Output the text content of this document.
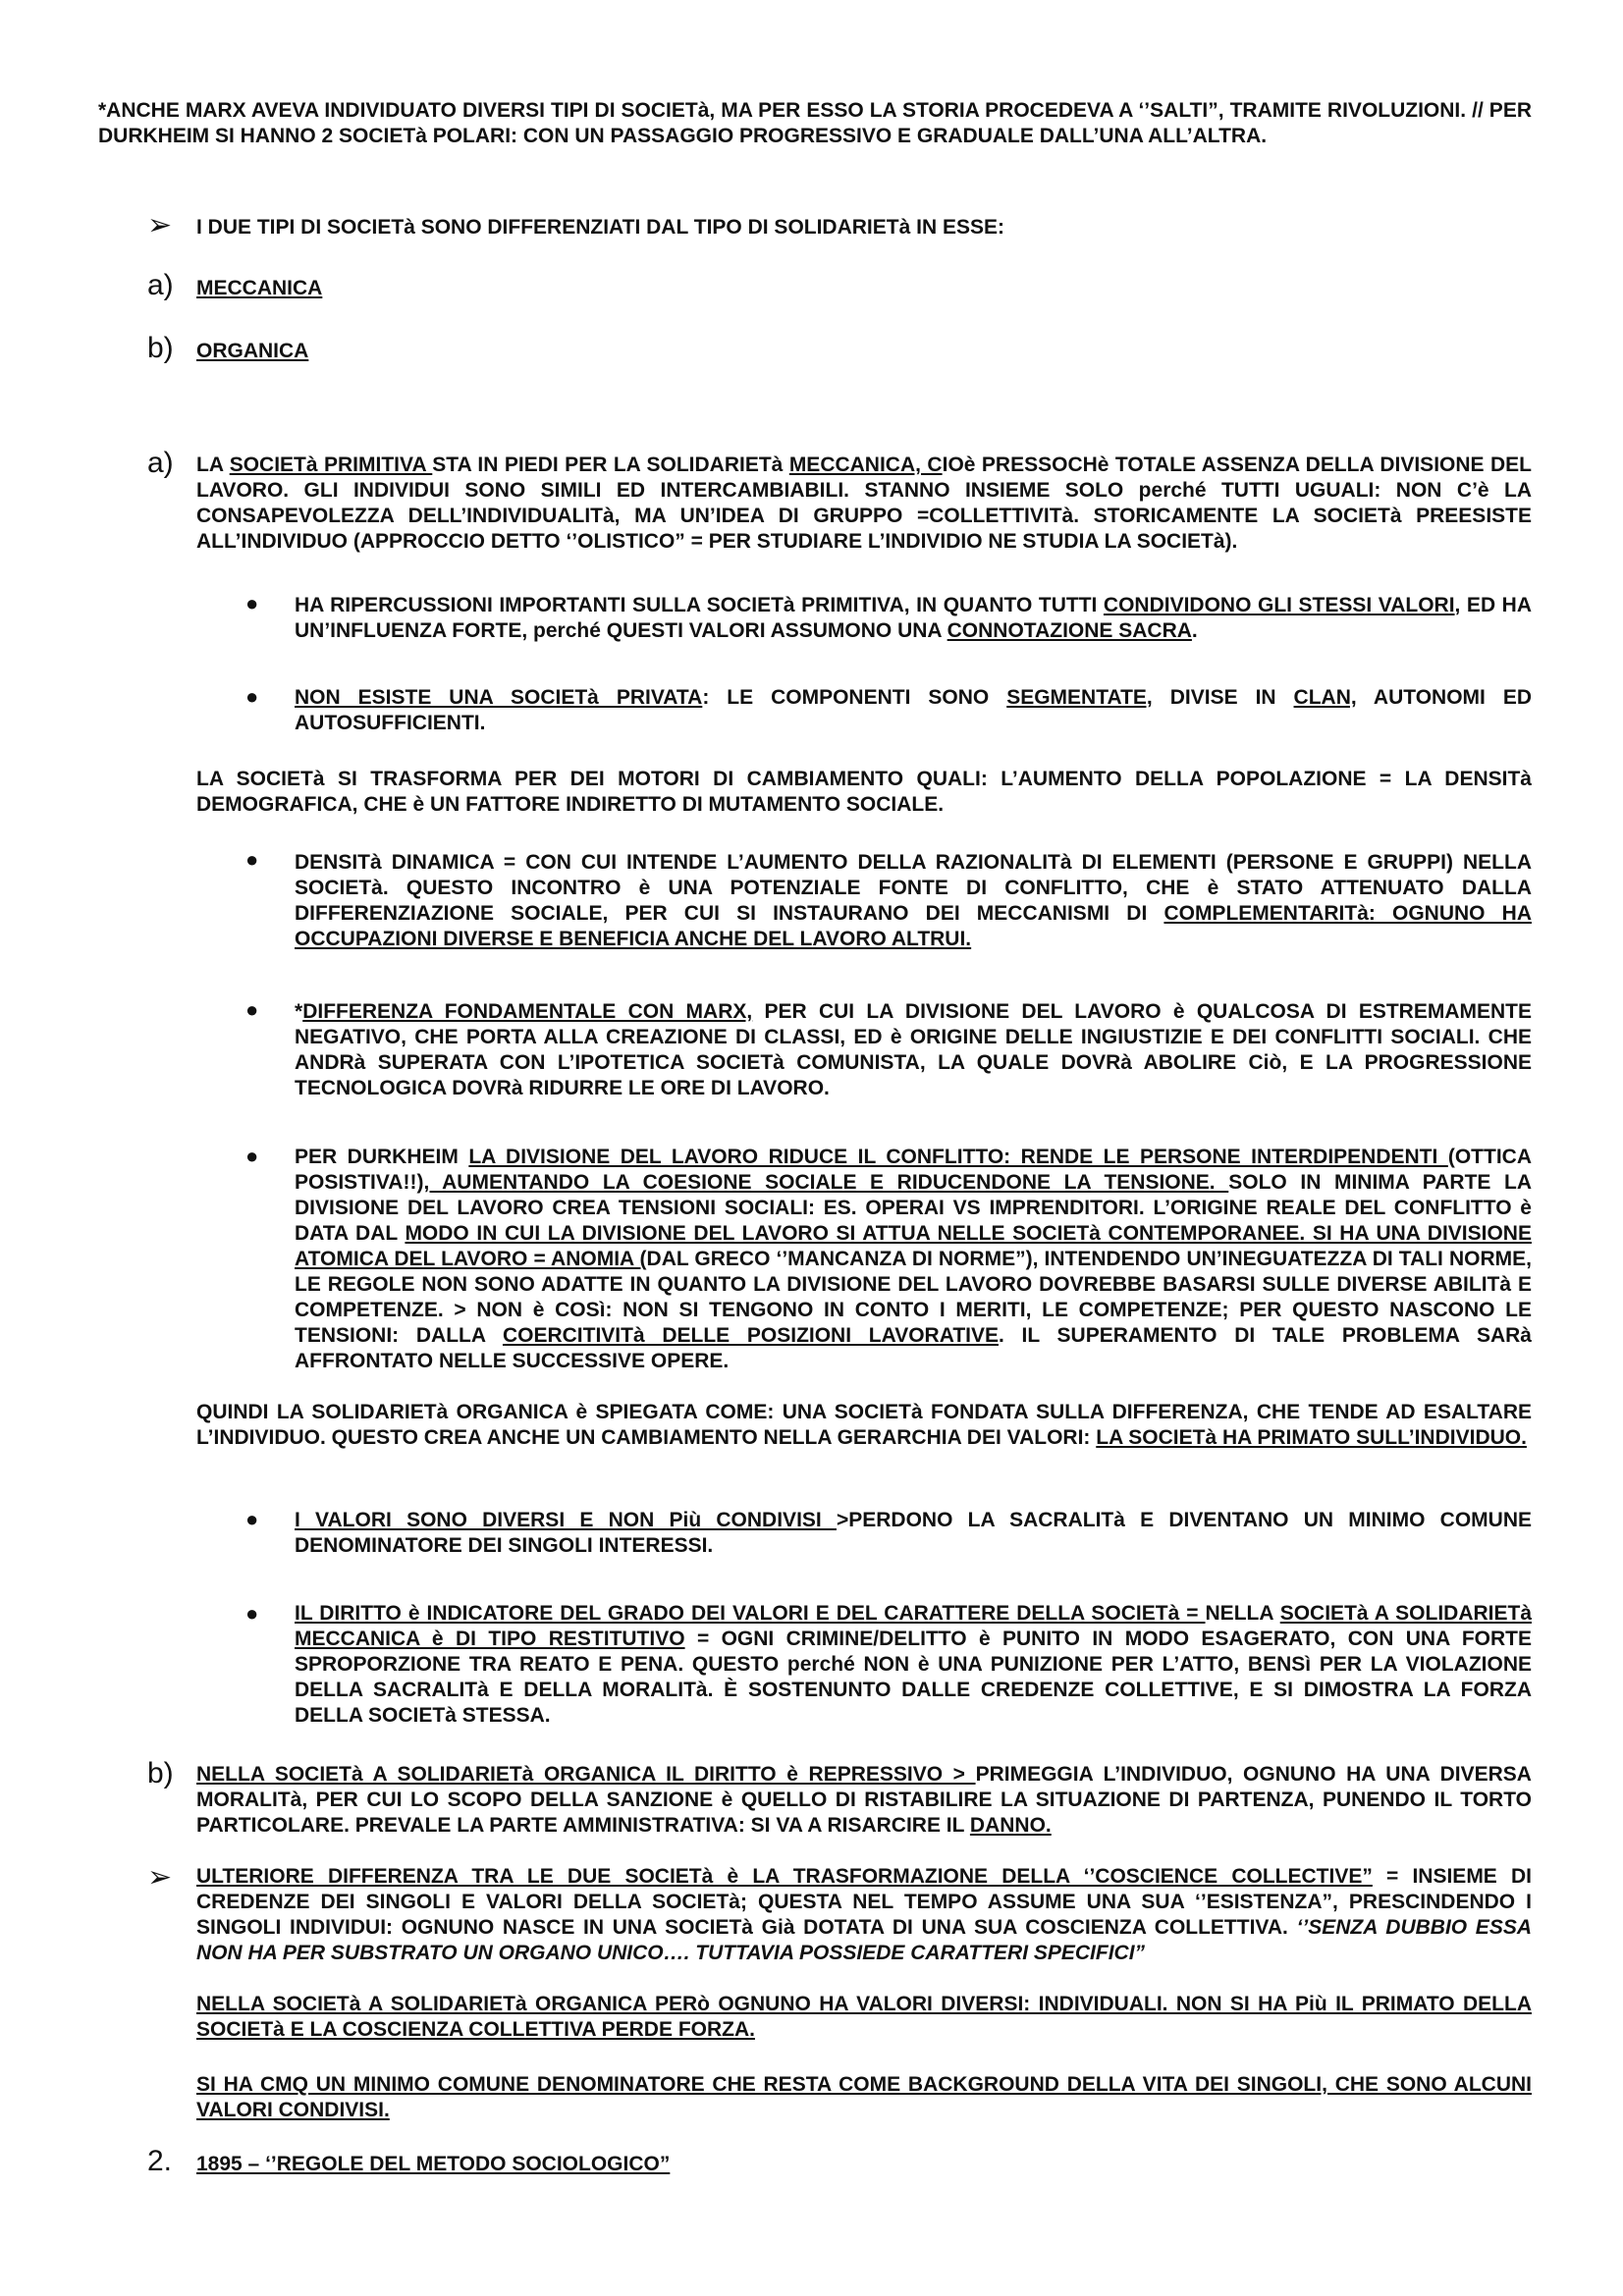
*ANCHE MARX AVEVA INDIVIDUATO DIVERSI TIPI DI SOCIETà, MA PER ESSO LA STORIA PROCEDEVA A ‘’SALTI”, TRAMITE RIVOLUZIONI. // PER DURKHEIM SI HANNO 2 SOCIETà POLARI: CON UN PASSAGGIO PROGRESSIVO E GRADUALE DALL’UNA ALL’ALTRA.
➢ I DUE TIPI DI SOCIETà SONO DIFFERENZIATI DAL TIPO DI SOLIDARIETà IN ESSE:
a) MECCANICA
b) ORGANICA
a) LA SOCIETà PRIMITIVA STA IN PIEDI PER LA SOLIDARIETà MECCANICA, CIOè PRESSOCHè TOTALE ASSENZA DELLA DIVISIONE DEL LAVORO. GLI INDIVIDUI SONO SIMILI ED INTERCAMBIABILI. STANNO INSIEME SOLO perché TUTTI UGUALI: NON C’è LA CONSAPEVOLEZZA DELL’INDIVIDUALITà, MA UN’IDEA DI GRUPPO =COLLETTIVITà. STORICAMENTE LA SOCIETà PREESISTE ALL’INDIVIDUO (APPROCCIO DETTO ‘’OLISTICO” = PER STUDIARE L’INDIVIDIO NE STUDIA LA SOCIETà).
● HA RIPERCUSSIONI IMPORTANTI SULLA SOCIETà PRIMITIVA, IN QUANTO TUTTI CONDIVIDONO GLI STESSI VALORI, ED HA UN’INFLUENZA FORTE, perché QUESTI VALORI ASSUMONO UNA CONNOTAZIONE SACRA.
● NON ESISTE UNA SOCIETà PRIVATA: LE COMPONENTI SONO SEGMENTATE, DIVISE IN CLAN, AUTONOMI ED AUTOSUFFICIENTI.
LA SOCIETà SI TRASFORMA PER DEI MOTORI DI CAMBIAMENTO QUALI: L’AUMENTO DELLA POPOLAZIONE = LA DENSITà DEMOGRAFICA, CHE è UN FATTORE INDIRETTO DI MUTAMENTO SOCIALE.
● DENSITà DINAMICA = CON CUI INTENDE L’AUMENTO DELLA RAZIONALITà DI ELEMENTI (PERSONE E GRUPPI) NELLA SOCIETà. QUESTO INCONTRO è UNA POTENZIALE FONTE DI CONFLITTO, CHE è STATO ATTENUATO DALLA DIFFERENZIAZIONE SOCIALE, PER CUI SI INSTAURANO DEI MECCANISMI DI COMPLEMENTARITà: OGNUNO HA OCCUPAZIONI DIVERSE E BENEFICIA ANCHE DEL LAVORO ALTRUI.
● *DIFFERENZA FONDAMENTALE CON MARX, PER CUI LA DIVISIONE DEL LAVORO è QUALCOSA DI ESTREMAMENTE NEGATIVO, CHE PORTA ALLA CREAZIONE DI CLASSI, ED è ORIGINE DELLE INGIUSTIZIE E DEI CONFLITTI SOCIALI. CHE ANDRà SUPERATA CON L’IPOTETICA SOCIETà COMUNISTA, LA QUALE DOVRà ABOLIRE Ciò, E LA PROGRESSIONE TECNOLOGICA DOVRà RIDURRE LE ORE DI LAVORO.
● PER DURKHEIM LA DIVISIONE DEL LAVORO RIDUCE IL CONFLITTO: RENDE LE PERSONE INTERDIPENDENTI (OTTICA POSISTIVA!!), AUMENTANDO LA COESIONE SOCIALE E RIDUCENDONE LA TENSIONE. SOLO IN MINIMA PARTE LA DIVISIONE DEL LAVORO CREA TENSIONI SOCIALI: ES. OPERAI VS IMPRENDITORI. L’ORIGINE REALE DEL CONFLITTO è DATA DAL MODO IN CUI LA DIVISIONE DEL LAVORO SI ATTUA NELLE SOCIETà CONTEMPORANEE. SI HA UNA DIVISIONE ATOMICA DEL LAVORO = ANOMIA (DAL GRECO ‘’MANCANZA DI NORME”), INTENDENDO UN’INEGUATEZZA DI TALI NORME, LE REGOLE NON SONO ADATTE IN QUANTO LA DIVISIONE DEL LAVORO DOVREBBE BASARSI SULLE DIVERSE ABILITà E COMPETENZE. > NON è COSì: NON SI TENGONO IN CONTO I MERITI, LE COMPETENZE; PER QUESTO NASCONO LE TENSIONI: DALLA COERCITIVITà DELLE POSIZIONI LAVORATIVE. IL SUPERAMENTO DI TALE PROBLEMA SARà AFFRONTATO NELLE SUCCESSIVE OPERE.
QUINDI LA SOLIDARIETà ORGANICA è SPIEGATA COME: UNA SOCIETà FONDATA SULLA DIFFERENZA, CHE TENDE AD ESALTARE L’INDIVIDUO. QUESTO CREA ANCHE UN CAMBIAMENTO NELLA GERARCHIA DEI VALORI: LA SOCIETà HA PRIMATO SULL’INDIVIDUO.
● I VALORI SONO DIVERSI E NON Più CONDIVISI >PERDONO LA SACRALITà E DIVENTANO UN MINIMO COMUNE DENOMINATORE DEI SINGOLI INTERESSI.
● IL DIRITTO è INDICATORE DEL GRADO DEI VALORI E DEL CARATTERE DELLA SOCIETà = NELLA SOCIETà A SOLIDARIETà MECCANICA è DI TIPO RESTITUTIVO = OGNI CRIMINE/DELITTO è PUNITO IN MODO ESAGERATO, CON UNA FORTE SPROPORZIONE TRA REATO E PENA. QUESTO perché NON è UNA PUNIZIONE PER L’ATTO, BENSì PER LA VIOLAZIONE DELLA SACRALITà E DELLA MORALITà. È SOSTENUNTO DALLE CREDENZE COLLETTIVE, E SI DIMOSTRA LA FORZA DELLA SOCIETà STESSA.
b) NELLA SOCIETà A SOLIDARIETà ORGANICA IL DIRITTO è REPRESSIVO > PRIMEGGIA L’INDIVIDUO, OGNUNO HA UNA DIVERSA MORALITà, PER CUI LO SCOPO DELLA SANZIONE è QUELLO DI RISTABILIRE LA SITUAZIONE DI PARTENZA, PUNENDO IL TORTO PARTICOLARE. PREVALE LA PARTE AMMINISTRATIVA: SI VA A RISARCIRE IL DANNO.
➢ ULTERIORE DIFFERENZA TRA LE DUE SOCIETà è LA TRASFORMAZIONE DELLA ‘’COSCIENCE COLLECTIVE” = INSIEME DI CREDENZE DEI SINGOLI E VALORI DELLA SOCIETà; QUESTA NEL TEMPO ASSUME UNA SUA ‘’ESISTENZA”, PRESCINDENDO I SINGOLI INDIVIDUI: OGNUNO NASCE IN UNA SOCIETà Già DOTATA DI UNA SUA COSCIENZA COLLETTIVA. ‘’SENZA DUBBIO ESSA NON HA PER SUBSTRATO UN ORGANO UNICO…. TUTTAVIA POSSIEDE CARATTERI SPECIFICI”
NELLA SOCIETà A SOLIDARIETà ORGANICA PERò OGNUNO HA VALORI DIVERSI: INDIVIDUALI. NON SI HA Più IL PRIMATO DELLA SOCIETà E LA COSCIENZA COLLETTIVA PERDE FORZA.
SI HA CMQ UN MINIMO COMUNE DENOMINATORE CHE RESTA COME BACKGROUND DELLA VITA DEI SINGOLI, CHE SONO ALCUNI VALORI CONDIVISI.
2. 1895 – ‘’REGOLE DEL METODO SOCIOLOGICO”
